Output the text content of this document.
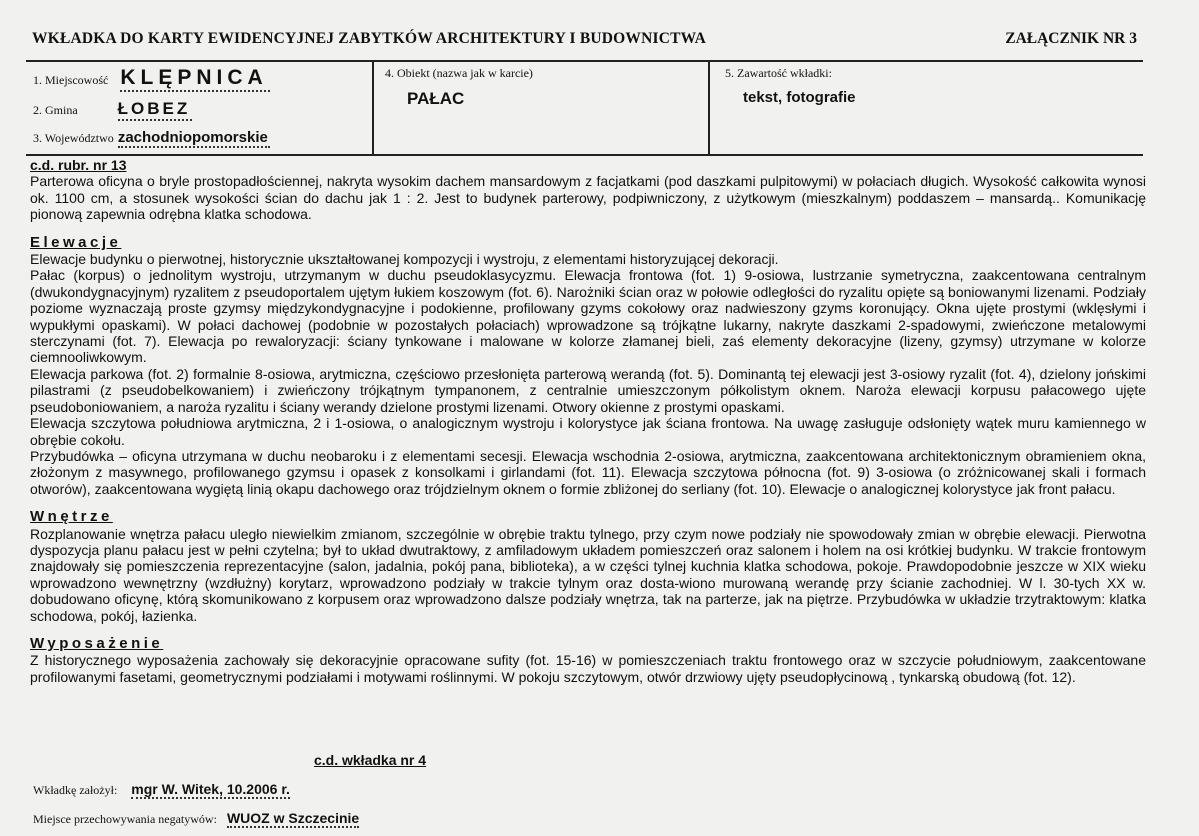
WKŁADKA DO KARTY EWIDENCYJNEJ ZABYTKÓW ARCHITEKTURY I BUDOWNICTWA	ZAŁĄCZNIK NR 3
1. Miejscowość KLĘPNICA
2. Gmina ŁOBEZ
3. Województwo zachodniopomorskie
4. Obiekt (nazwa jak w karcie)
PAŁAC
5. Zawartość wkładki:
tekst, fotografie
c.d. rubr. nr 13

Parterowa oficyna o bryle prostopadłościennej, nakryta wysokim dachem mansardowym z facjatkami (pod daszkami pulpitowymi) w połaciach długich. Wysokość całkowita wynosi ok. 1100 cm, a stosunek wysokości ścian do dachu jak 1 : 2. Jest to budynek parterowy, podpiwniczony, z użytkowym (mieszkalnym) poddaszem – mansardą.. Komunikację pionową zapewnia odrębna klatka schodowa.

Elewacje

Elewacje budynku o pierwotnej, historycznie ukształtowanej kompozycji i wystroju, z elementami historyzującej dekoracji.

Pałac (korpus) o jednolitym wystroju, utrzymanym w duchu pseudoklasycyzmu. Elewacja frontowa (fot. 1) 9-osiowa, lustrzanie symetryczna, zaakcentowana centralnym (dwukondygnacyjnym) ryzalitem z pseudoportalem ujętym łukiem koszowym (fot. 6). Narożniki ścian oraz w połowie odległości do ryzalitu opięte są boniowanymi lizenami. Podziały poziome wyznaczają proste gzymsy międzykondygnacyjne i podokienne, profilowany gzyms cokołowy oraz nadwieszony gzyms koronujący. Okna ujęte prostymi (wklęsłymi i wypukłymi opaskami). W połaci dachowej (podobnie w pozostałych połaciach) wprowadzone są trójkątne lukarny, nakryte daszkami 2-spadowymi, zwieńczone metalowymi sterczynami (fot. 7). Elewacja po rewaloryzacji: ściany tynkowane i malowane w kolorze złamanej bieli, zaś elementy dekoracyjne (lizeny, gzymsy) utrzymane w kolorze ciemnooliwkowym.

Elewacja parkowa (fot. 2) formalnie 8-osiowa, arytmiczna, częściowo przesłonięta parterową werandą (fot. 5). Dominantą tej elewacji jest 3-osiowy ryzalit (fot. 4), dzielony jońskimi pilastrami (z pseudobelkowaniem) i zwieńczony trójkątnym tympanonem, z centralnie umieszczonym półkolistym oknem. Naroża elewacji korpusu pałacowego ujęte pseudoboniowaniem, a naroża ryzalitu i ściany werandy dzielone prostymi lizenami. Otwory okienne z prostymi opaskami.

Elewacja szczytowa południowa arytmiczna, 2 i 1-osiowa, o analogicznym wystroju i kolorystyce jak ściana frontowa. Na uwagę zasługuje odsłonięty wątek muru kamiennego w obrębie cokołu.

Przybudówka – oficyna utrzymana w duchu neobaroku i z elementami secesji. Elewacja wschodnia 2-osiowa, arytmiczna, zaakcentowana architektonicznym obramieniem okna, złożonym z masywnego, profilowanego gzymsu i opasek z konsolkami i girlandami (fot. 11). Elewacja szczytowa północna (fot. 9) 3-osiowa (o zróżnicowanej skali i formach otworów), zaakcentowana wygiętą linią okapu dachowego oraz trójdzielnym oknem o formie zbliżonej do serliany (fot. 10). Elewacje o analogicznej kolorystyce jak front pałacu.

Wnętrze

Rozplanowanie wnętrza pałacu uległo niewielkim zmianom, szczególnie w obrębie traktu tylnego, przy czym nowe podziały nie spowodowały zmian w obrębie elewacji. Pierwotna dyspozycja planu pałacu jest w pełni czytelna; był to układ dwutraktowy, z amfiladowym układem pomieszczeń oraz salonem i holem na osi krótkiej budynku. W trakcie frontowym znajdowały się pomieszczenia reprezentacyjne (salon, jadalnia, pokój pana, biblioteka), a w części tylnej kuchnia klatka schodowa, pokoje. Prawdopodobnie jeszcze w XIX wieku wprowadzono wewnętrzny (wzdłużny) korytarz, wprowadzono podziały w trakcie tylnym oraz dosta-wiono murowaną werandę przy ścianie zachodniej. W l. 30-tych XX w. dobudowano oficynę, którą skomunikowano z korpusem oraz wprowadzono dalsze podziały wnętrza, tak na parterze, jak na piętrze. Przybudówka w układzie trzytraktowym: klatka schodowa, pokój, łazienka.

Wyposażenie

Z historycznego wyposażenia zachowały się dekoracyjnie opracowane sufity (fot. 15-16) w pomieszczeniach traktu frontowego oraz w szczycie południowym, zaakcentowane profilowanymi fasetami, geometrycznymi podziałami i motywami roślinnymi. W pokoju szczytowym, otwór drzwiowy ujęty pseudopłycinową , tynkarską obudową (fot. 12).

c.d. wkładka nr 4
Wkładkę założył: mgr W. Witek, 10.2006 r.
Miejsce przechowywania negatywów: WUOZ w Szczecinie
